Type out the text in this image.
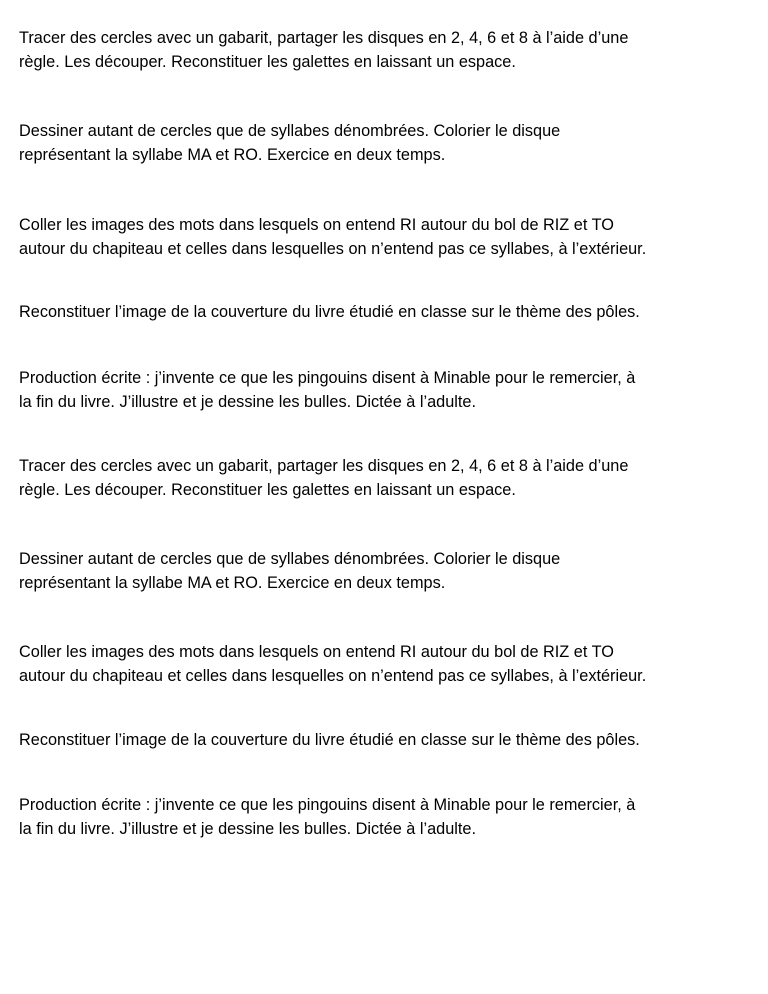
Tracer des cercles avec un gabarit, partager les disques en 2, 4, 6 et 8 à l’aide d’une
règle. Les découper. Reconstituer les galettes en laissant un espace.

Dessiner autant de cercles que de syllabes dénombrées. Colorier le disque
représentant la syllabe MA et RO. Exercice en deux temps.

Coller les images des mots dans lesquels on entend RI autour du bol de RIZ et TO
autour du chapiteau et celles dans lesquelles on n’entend pas ce syllabes, à l’extérieur.

Reconstituer l’image de la couverture du livre étudié en classe sur le thème des pôles.

Production écrite : j’invente ce que les pingouins disent à Minable pour le remercier, à
la fin du livre. J’illustre et je dessine les bulles. Dictée à l’adulte.

Tracer des cercles avec un gabarit, partager les disques en 2, 4, 6 et 8 à l’aide d’une
règle. Les découper. Reconstituer les galettes en laissant un espace.

Dessiner autant de cercles que de syllabes dénombrées. Colorier le disque
représentant la syllabe MA et RO. Exercice en deux temps.

Coller les images des mots dans lesquels on entend RI autour du bol de RIZ et TO
autour du chapiteau et celles dans lesquelles on n’entend pas ce syllabes, à l’extérieur.

Reconstituer l’image de la couverture du livre étudié en classe sur le thème des pôles.

Production écrite : j’invente ce que les pingouins disent à Minable pour le remercier, à
la fin du livre. J’illustre et je dessine les bulles. Dictée à l’adulte.
